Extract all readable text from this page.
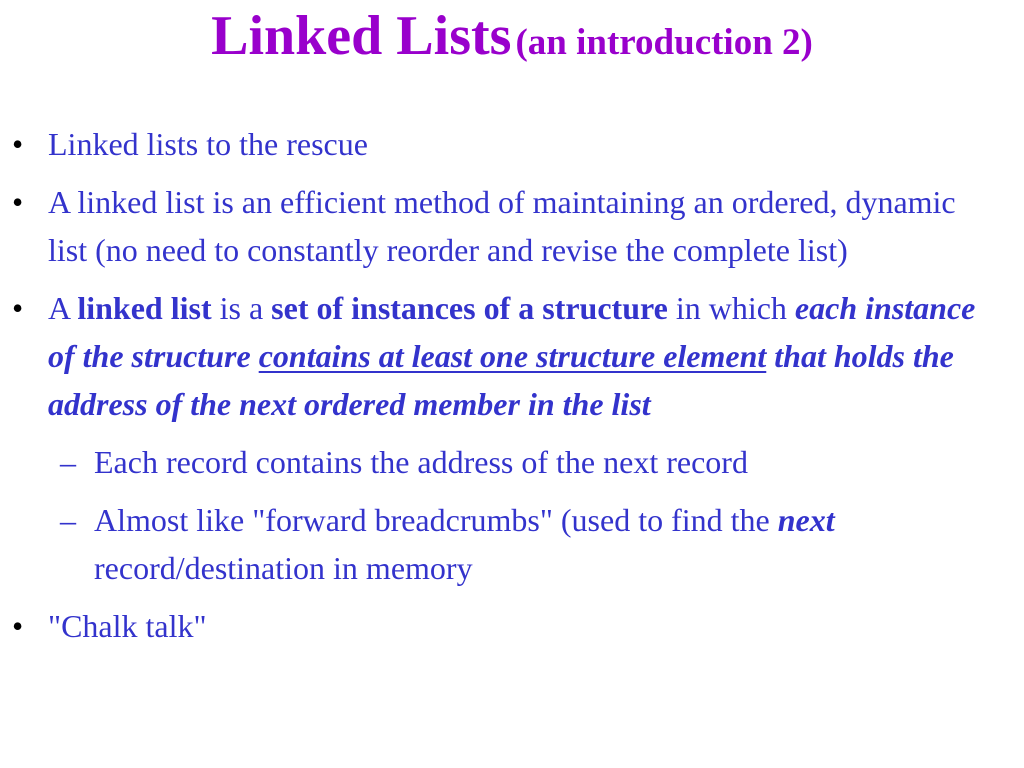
Linked Lists (an introduction 2)
• Linked lists to the rescue
• A linked list is an efficient method of maintaining an ordered, dynamic list (no need to constantly reorder and revise the complete list)
• A linked list is a set of instances of a structure in which each instance of the structure contains at least one structure element that holds the address of the next ordered member in the list
– Each record contains the address of the next record
– Almost like "forward breadcrumbs" (used to find the next record/destination in memory
• "Chalk talk"
